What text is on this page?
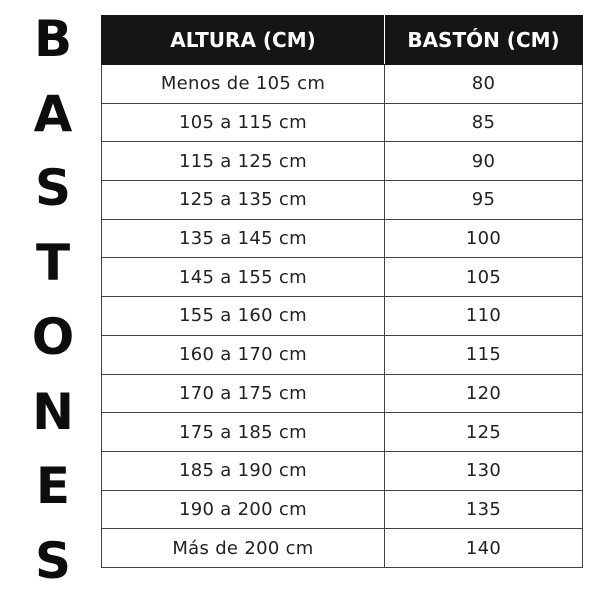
B
A
S
T
O
N
E
S
ALTURA (CM)	BASTÓN (CM)
Menos de 105 cm	80
105 a 115 cm	85
115 a 125 cm	90
125 a 135 cm	95
135 a 145 cm	100
145 a 155 cm	105
155 a 160 cm	110
160 a 170 cm	115
170 a 175 cm	120
175 a 185 cm	125
185 a 190 cm	130
190 a 200 cm	135
Más de 200 cm	140
